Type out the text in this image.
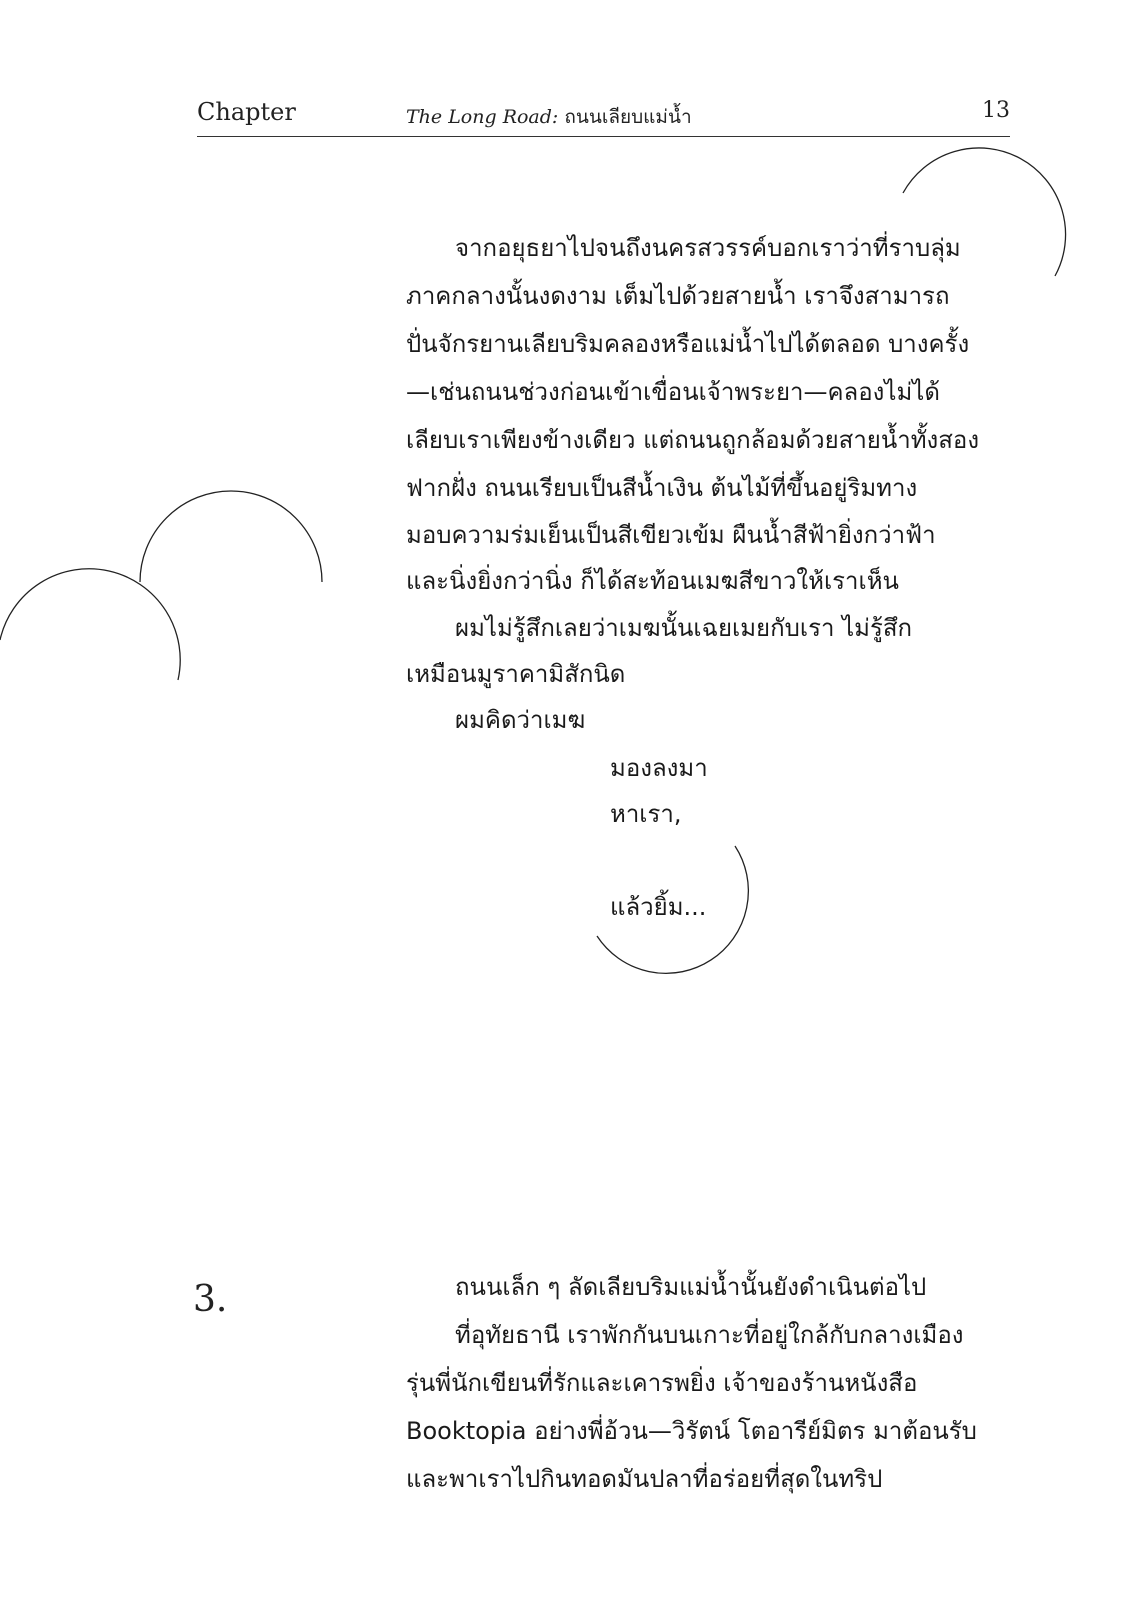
Chapter	The Long Road: ถนนเลียบแม่น้ำ	13
จากอยุธยาไปจนถึงนครสวรรค์บอกเราว่าที่ราบลุ่ม
ภาคกลางนั้นงดงาม เต็มไปด้วยสายน้ำ เราจึงสามารถ
ปั่นจักรยานเลียบริมคลองหรือแม่น้ำไปได้ตลอด บางครั้ง
—เช่นถนนช่วงก่อนเข้าเขื่อนเจ้าพระยา—คลองไม่ได้
เลียบเราเพียงข้างเดียว แต่ถนนถูกล้อมด้วยสายน้ำทั้งสอง
ฟากฝั่ง ถนนเรียบเป็นสีน้ำเงิน ต้นไม้ที่ขึ้นอยู่ริมทาง
มอบความร่มเย็นเป็นสีเขียวเข้ม ผืนน้ำสีฟ้ายิ่งกว่าฟ้า
และนิ่งยิ่งกว่านิ่ง ก็ได้สะท้อนเมฆสีขาวให้เราเห็น
ผมไม่รู้สึกเลยว่าเมฆนั้นเฉยเมยกับเรา ไม่รู้สึก
เหมือนมูราคามิสักนิด
ผมคิดว่าเมฆ
มองลงมา
หาเรา,
แล้วยิ้ม...
3.	ถนนเล็ก ๆ ลัดเลียบริมแม่น้ำนั้นยังดำเนินต่อไป
ที่อุทัยธานี เราพักกันบนเกาะที่อยู่ใกล้กับกลางเมือง
รุ่นพี่นักเขียนที่รักและเคารพยิ่ง เจ้าของร้านหนังสือ
Booktopia อย่างพี่อ้วน—วิรัตน์ โตอารีย์มิตร มาต้อนรับ
และพาเราไปกินทอดมันปลาที่อร่อยที่สุดในทริป
